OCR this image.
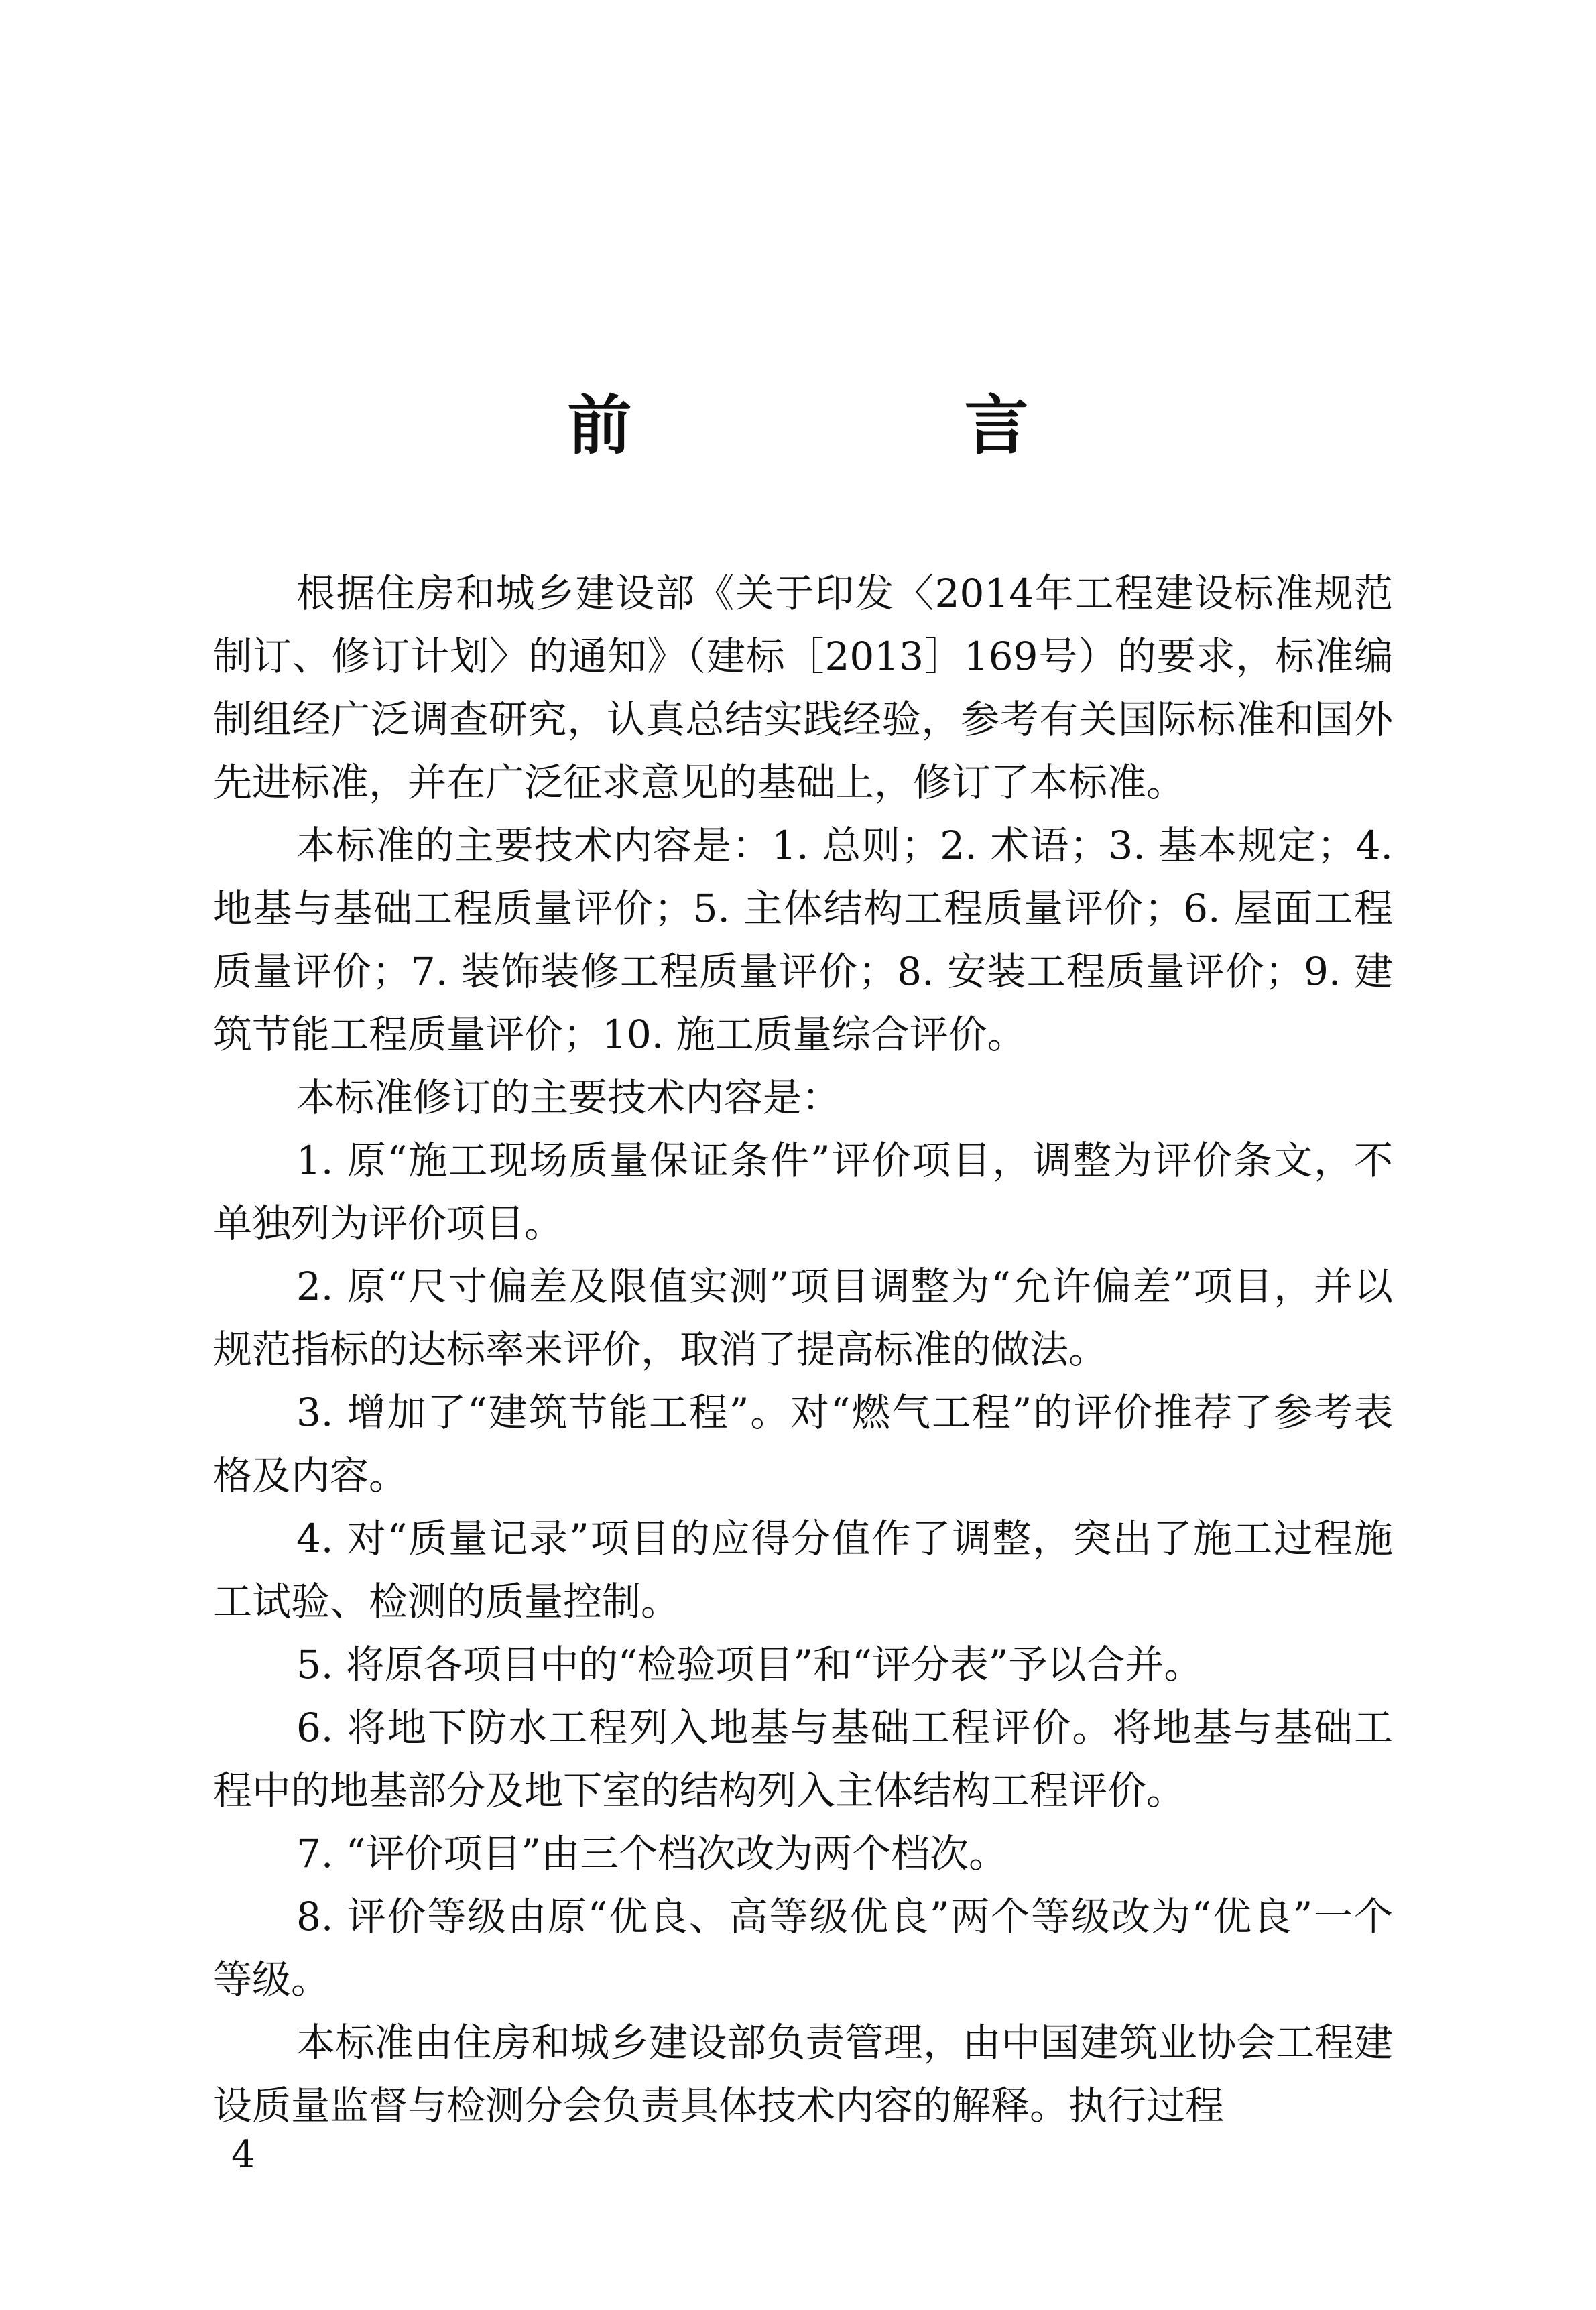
前　言

根据住房和城乡建设部《关于印发〈2014年工程建设标准规范制订、修订计划〉的通知》（建标［2013］169号）的要求，标准编制组经广泛调查研究，认真总结实践经验，参考有关国际标准和国外先进标准，并在广泛征求意见的基础上，修订了本标准。

本标准的主要技术内容是：1. 总则；2. 术语；3. 基本规定；4. 地基与基础工程质量评价；5. 主体结构工程质量评价；6. 屋面工程质量评价；7. 装饰装修工程质量评价；8. 安装工程质量评价；9. 建筑节能工程质量评价；10. 施工质量综合评价。

本标准修订的主要技术内容是：

1. 原“施工现场质量保证条件”评价项目，调整为评价条文，不单独列为评价项目。

2. 原“尺寸偏差及限值实测”项目调整为“允许偏差”项目，并以规范指标的达标率来评价，取消了提高标准的做法。

3. 增加了“建筑节能工程”。对“燃气工程”的评价推荐了参考表格及内容。

4. 对“质量记录”项目的应得分值作了调整，突出了施工过程施工试验、检测的质量控制。

5. 将原各项目中的“检验项目”和“评分表”予以合并。

6. 将地下防水工程列入地基与基础工程评价。将地基与基础工程中的地基部分及地下室的结构列入主体结构工程评价。

7. “评价项目”由三个档次改为两个档次。

8. 评价等级由原“优良、高等级优良”两个等级改为“优良”一个等级。

本标准由住房和城乡建设部负责管理，由中国建筑业协会工程建设质量监督与检测分会负责具体技术内容的解释。执行过程

4
